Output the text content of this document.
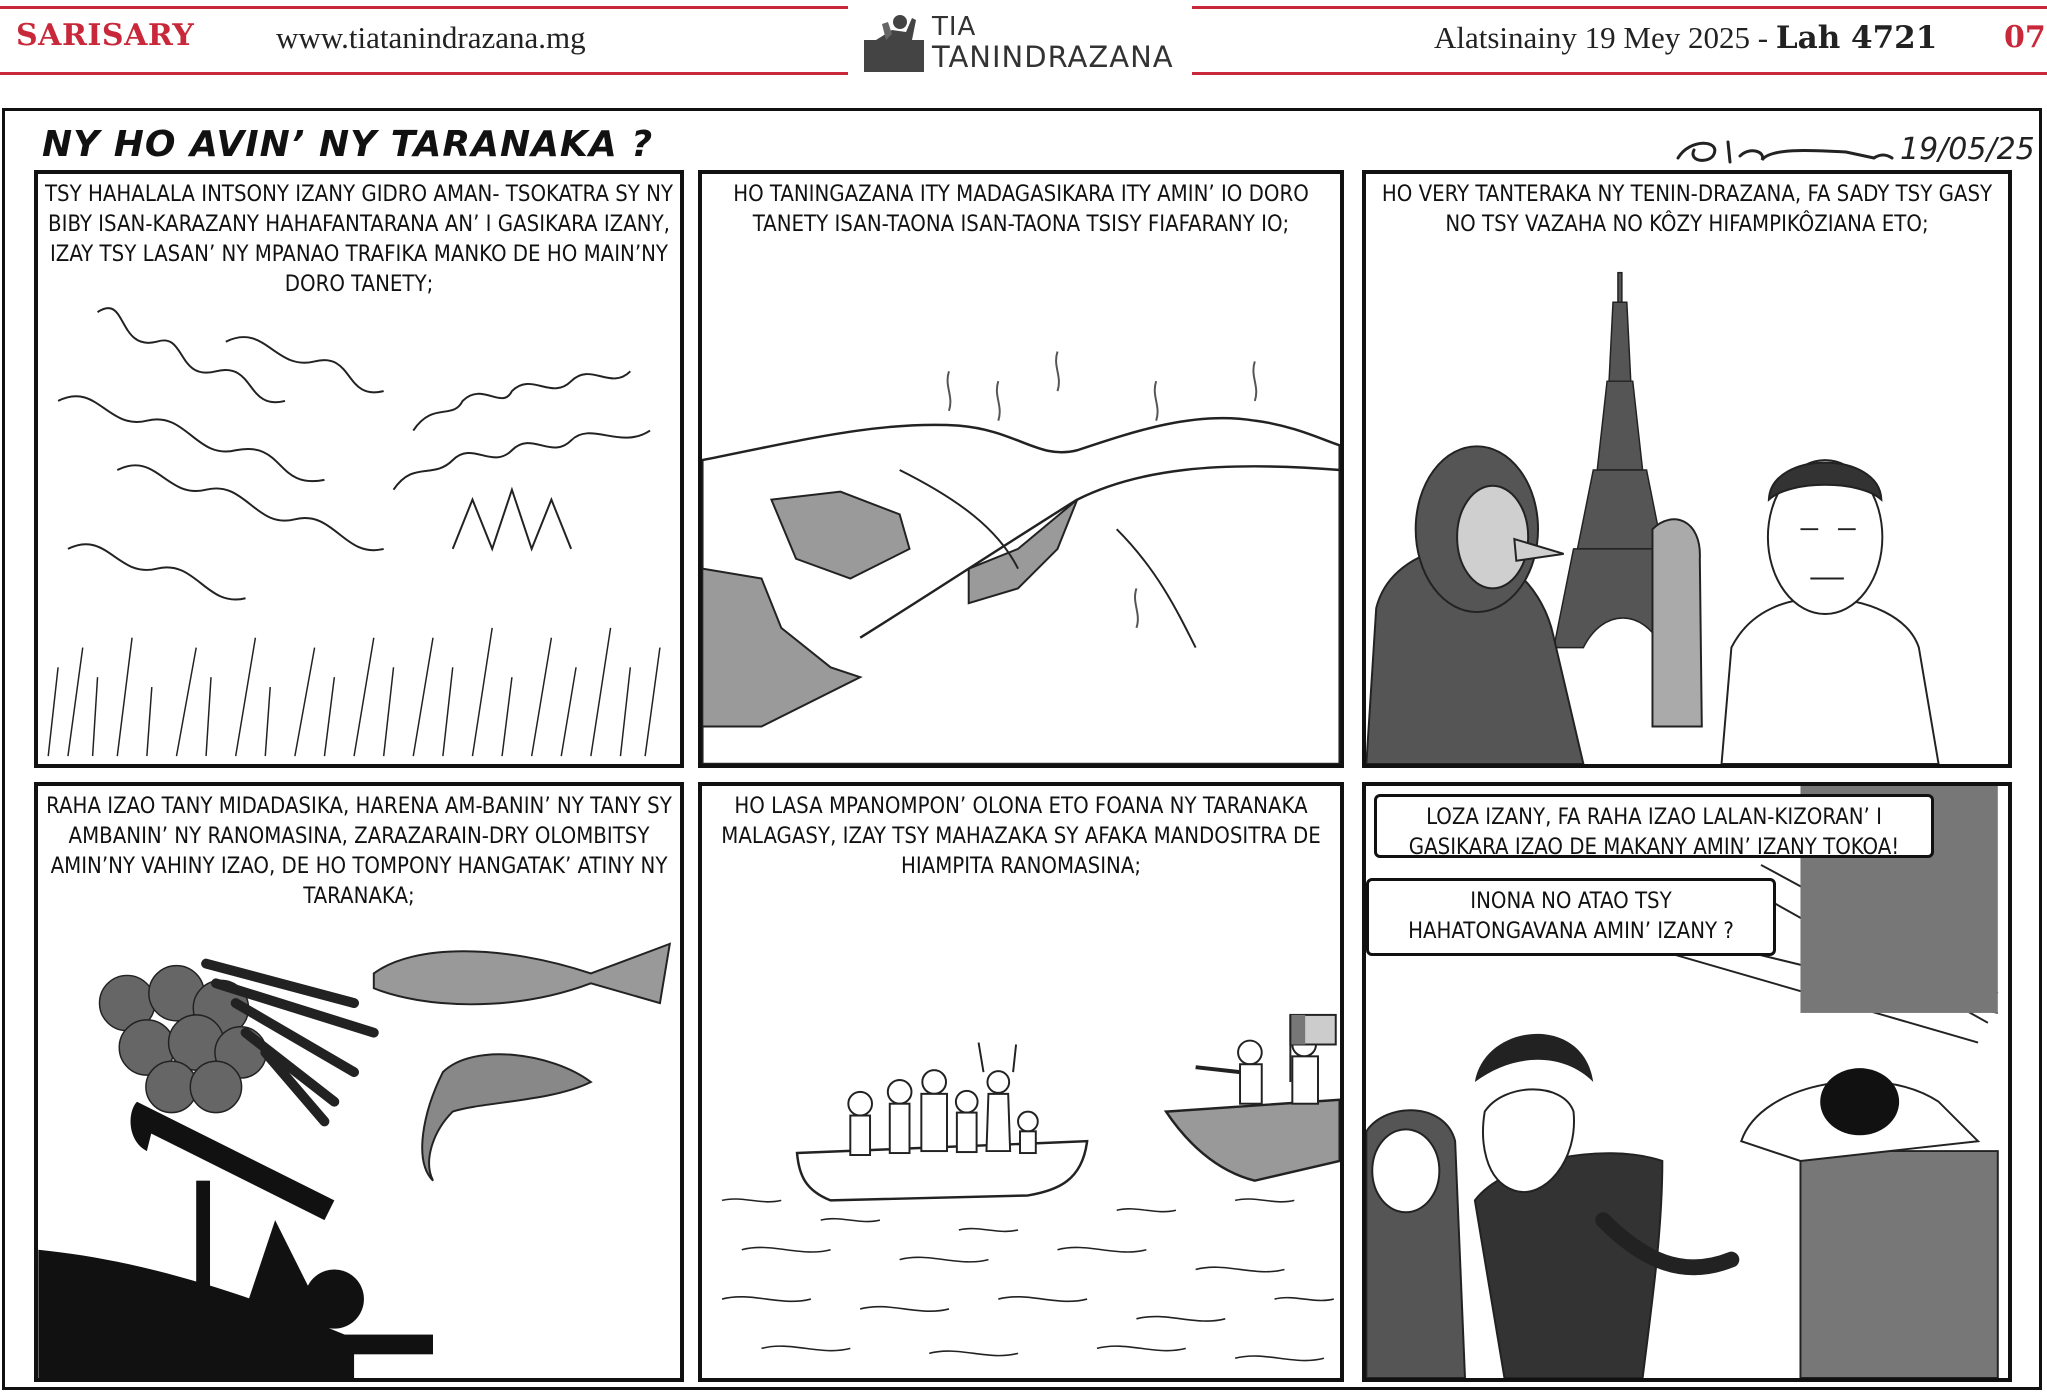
SARISARY	www.tiatanindrazana.mg	TIA
TANINDRAZANA
Alatsinainy 19 Mey 2025 - Lah 4721 07
NY HO AVIN’ NY TARANAKA ?	19/05/25
TSY HAHALALA INTSONY IZANY GIDRO AMAN- TSOKATRA SY NY BIBY ISAN-KARAZANY HAHAFANTARANA AN’ I GASIKARA IZANY, IZAY TSY LASAN’ NY MPANAO TRAFIKA MANKO DE HO MAIN’NY DORO TANETY;
HO TANINGAZANA ITY MADAGASIKARA ITY AMIN’ IO DORO TANETY ISAN-TAONA ISAN-TAONA TSISY FIAFARANY IO;
HO VERY TANTERAKA NY TENIN-DRAZANA, FA SADY TSY GASY NO TSY VAZAHA NO KÔZY HIFAMPIKÔZIANA ETO;
RAHA IZAO TANY MIDADASIKA, HARENA AM-BANIN’ NY TANY SY AMBANIN’ NY RANOMASINA, ZARAZARAIN-DRY OLOMBITSY AMIN’NY VAHINY IZAO, DE HO TOMPONY HANGATAK’ ATINY NY TARANAKA;
HO LASA MPANOMPON’ OLONA ETO FOANA NY TARANAKA MALAGASY, IZAY TSY MAHAZAKA SY AFAKA MANDOSITRA DE HIAMPITA RANOMASINA;
LOZA IZANY, FA RAHA IZAO LALAN-KIZORAN’ I GASIKARA IZAO DE MAKANY AMIN’ IZANY TOKOA!
INONA NO ATAO TSY HAHATONGAVANA AMIN’ IZANY ?
